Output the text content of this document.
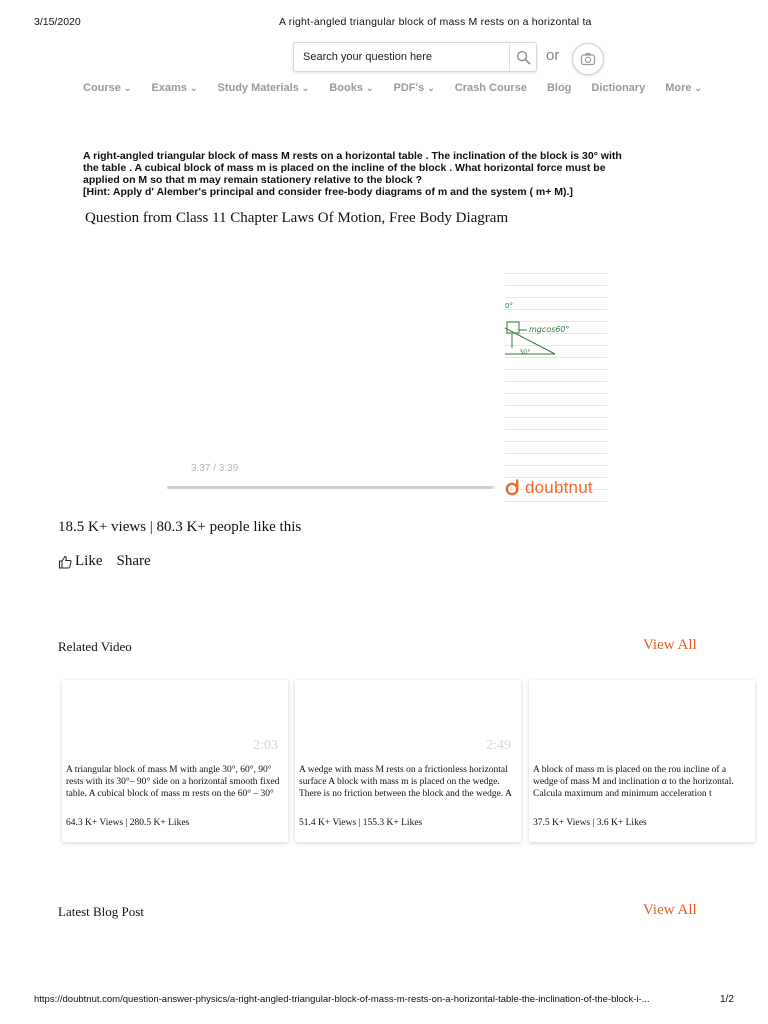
3/15/2020	A right-angled triangular block of mass M rests on a horizontal ta
Search your question here
or
Course ⌄ Exams ⌄ Study Materials ⌄ Books ⌄ PDF's ⌄ Crash Course Blog Dictionary More ⌄
A right-angled triangular block of mass M rests on a horizontal table . The inclination of the block is 30° with
the table . A cubical block of mass m is placed on the incline of the block . What horizontal force must be
applied on M so that m may remain stationery relative to the block ?
[Hint: Apply d' Alember's principal and consider free-body diagrams of m and the system ( m+ M).]
Question from Class 11 Chapter Laws Of Motion, Free Body Diagram
0°
mgcos60°
30°
3:37 / 3:39
doubtnut
18.5 K+ views | 80.3 K+ people like this
Like Share
Related Video	View All
2:03
A triangular block of mass M with angle 30°, 60°, 90° rests with its 30°– 90° side on a horizontal smooth fixed table. A cubical block of mass m rests on the 60° – 30°
64.3 K+ Views | 280.5 K+ Likes
2:49
A wedge with mass M rests on a frictionless horizontal surface A block with mass m is placed on the wedge. There is no friction between the block and the wedge. A
51.4 K+ Views | 155.3 K+ Likes
A block of mass m is placed on the rou incline of a wedge of mass M and inclination α to the horizontal. Calcula maximum and minimum acceleration t
37.5 K+ Views | 3.6 K+ Likes
Latest Blog Post	View All
https://doubtnut.com/question-answer-physics/a-right-angled-triangular-block-of-mass-m-rests-on-a-horizontal-table-the-inclination-of-the-block-i-...	1/2
